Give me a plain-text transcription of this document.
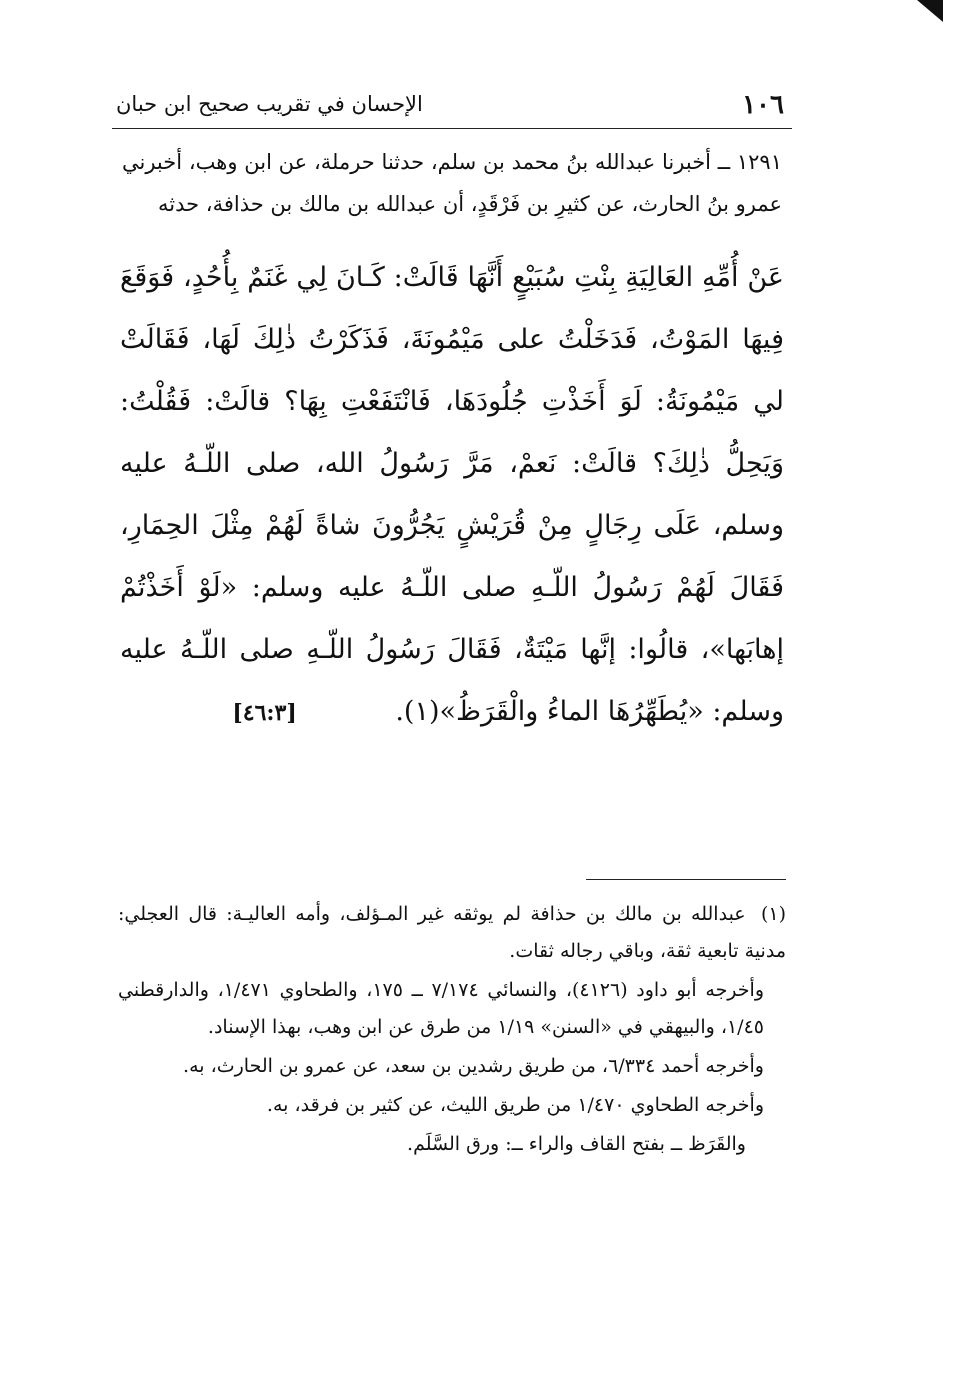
١٠٦
الإحسان في تقريب صحيح ابن حبان
١٢٩١ ــ أخبرنا عبدالله بنُ محمد بن سلم، حدثنا حرملة، عن ابن وهب، أخبرني عمرو بنُ الحارث، عن كثيرِ بن فَرْقَدٍ، أن عبدالله بن مالك بن حذافة، حدثه
عَنْ أُمِّهِ العَالِيَةِ بِنْتِ سُبَيْعٍ أَنَّهَا قَالَتْ: كَـانَ لِي غَنَمٌ بِأُحُدٍ، فَوَقَعَ فِيهَا المَوْتُ، فَدَخَلْتُ على مَيْمُونَةَ، فَذَكَرْتُ ذٰلِكَ لَهَا، فَقَالَتْ لي مَيْمُونَةُ: لَوَ أَخَذْتِ جُلُودَهَا، فَانْتَفَعْتِ بِهَا؟ قالَتْ: فَقُلْتُ: وَيَحِلُّ ذٰلِكَ؟ قالَتْ: نَعمْ، مَرَّ رَسُولُ الله، صلى اللّـهُ عليه وسلم، عَلَى رِجَالٍ مِنْ قُرَيْشٍ يَجُرُّونَ شاةً لَهُمْ مِثْلَ الحِمَارِ، فَقَالَ لَهُمْ رَسُولُ اللّـهِ صلى اللّـهُ عليه وسلم: «لَوْ أَخَذْتُمْ إهابَها»، قالُوا: إنَّها مَيْتَةٌ، فَقَالَ رَسُولُ اللّـهِ صلى اللّـهُ عليه وسلم: «يُطَهِّرُهَا الماءُ والْقَرَظُ»(١). [٤٦:٣]

(١) عبدالله بن مالك بن حذافة لم يوثقه غير المـؤلف، وأمه العاليـة: قال العجلي: مدنية تابعية ثقة، وباقي رجاله ثقات.

وأخرجه أبو داود (٤١٢٦)، والنسائي ٧/١٧٤ ــ ١٧٥، والطحاوي ١/٤٧١، والدارقطني ١/٤٥، والبيهقي في «السنن» ١/١٩ من طرق عن ابن وهب، بهذا الإسناد.

وأخرجه أحمد ٦/٣٣٤، من طريق رشدين بن سعد، عن عمرو بن الحارث، به.

وأخرجه الطحاوي ١/٤٧٠ من طريق الليث، عن كثير بن فرقد، به.

والقَرَظ ــ بفتح القاف والراء ــ: ورق السَّلَم.
